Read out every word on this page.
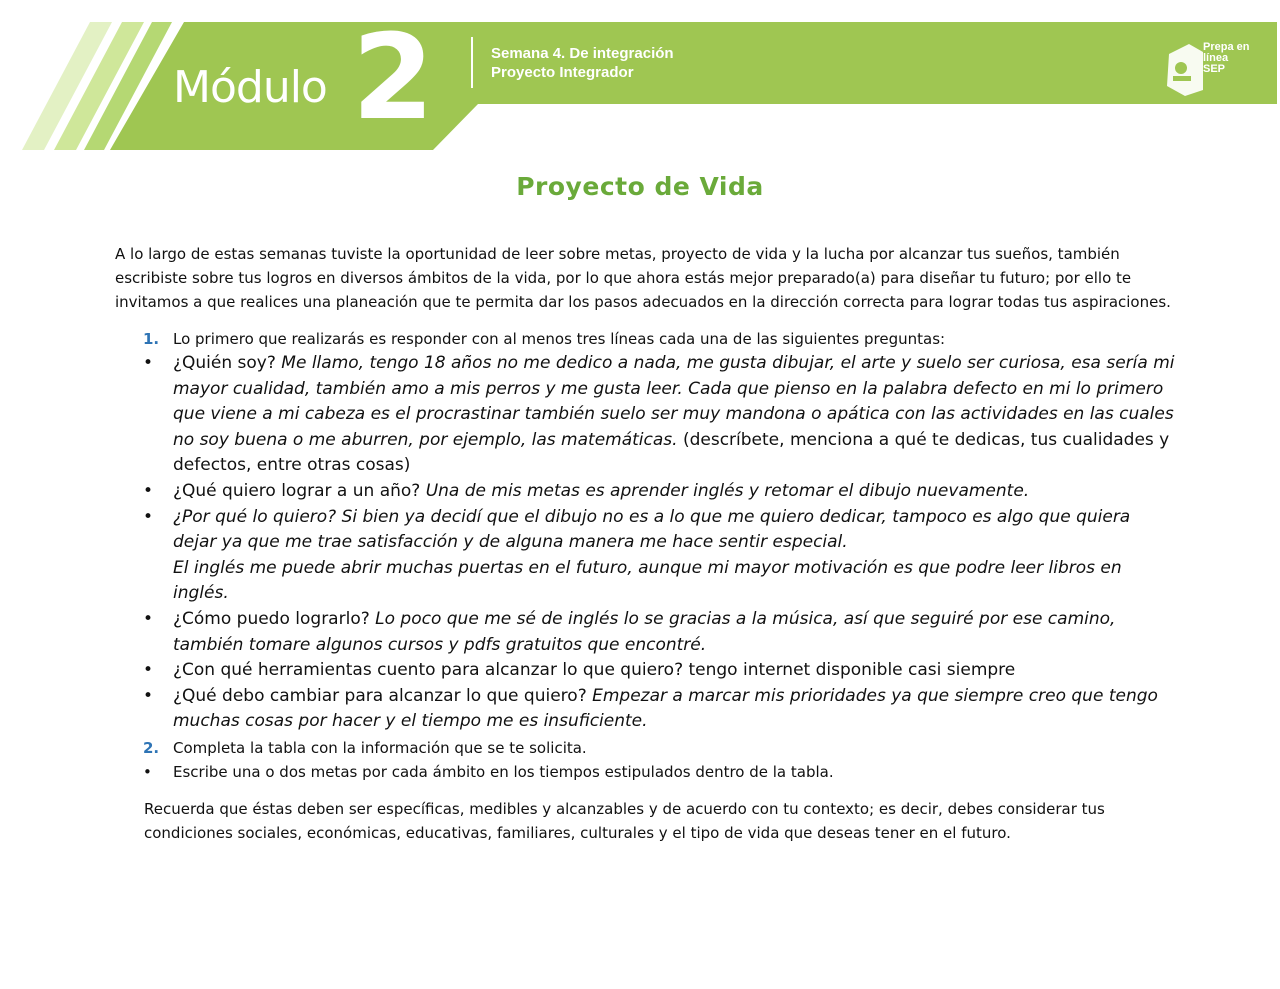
Módulo 2	Semana 4. De integración
Proyecto Integrador
Prepa en
línea
SEP
Proyecto de Vida
A lo largo de estas semanas tuviste la oportunidad de leer sobre metas, proyecto de vida y la lucha por alcanzar tus sueños, también escribiste sobre tus logros en diversos ámbitos de la vida, por lo que ahora estás mejor preparado(a) para diseñar tu futuro; por ello te invitamos a que realices una planeación que te permita dar los pasos adecuados en la dirección correcta para lograr todas tus aspiraciones.
1. Lo primero que realizarás es responder con al menos tres líneas cada una de las siguientes preguntas:
• ¿Quién soy? Me llamo, tengo 18 años no me dedico a nada, me gusta dibujar, el arte y suelo ser curiosa, esa sería mi mayor cualidad, también amo a mis perros y me gusta leer. Cada que pienso en la palabra defecto en mi lo primero que viene a mi cabeza es el procrastinar también suelo ser muy mandona o apática con las actividades en las cuales no soy buena o me aburren, por ejemplo, las matemáticas. (descríbete, menciona a qué te dedicas, tus cualidades y defectos, entre otras cosas)
• ¿Qué quiero lograr a un año? Una de mis metas es aprender inglés y retomar el dibujo nuevamente.
• ¿Por qué lo quiero? Si bien ya decidí que el dibujo no es a lo que me quiero dedicar, tampoco es algo que quiera dejar ya que me trae satisfacción y de alguna manera me hace sentir especial.
El inglés me puede abrir muchas puertas en el futuro, aunque mi mayor motivación es que podre leer libros en inglés.
• ¿Cómo puedo lograrlo? Lo poco que me sé de inglés lo se gracias a la música, así que seguiré por ese camino, también tomare algunos cursos y pdfs gratuitos que encontré.
• ¿Con qué herramientas cuento para alcanzar lo que quiero? tengo internet disponible casi siempre
• ¿Qué debo cambiar para alcanzar lo que quiero? Empezar a marcar mis prioridades ya que siempre creo que tengo muchas cosas por hacer y el tiempo me es insuficiente.
2. Completa la tabla con la información que se te solicita.
• Escribe una o dos metas por cada ámbito en los tiempos estipulados dentro de la tabla.
Recuerda que éstas deben ser específicas, medibles y alcanzables y de acuerdo con tu contexto; es decir, debes considerar tus condiciones sociales, económicas, educativas, familiares, culturales y el tipo de vida que deseas tener en el futuro.
